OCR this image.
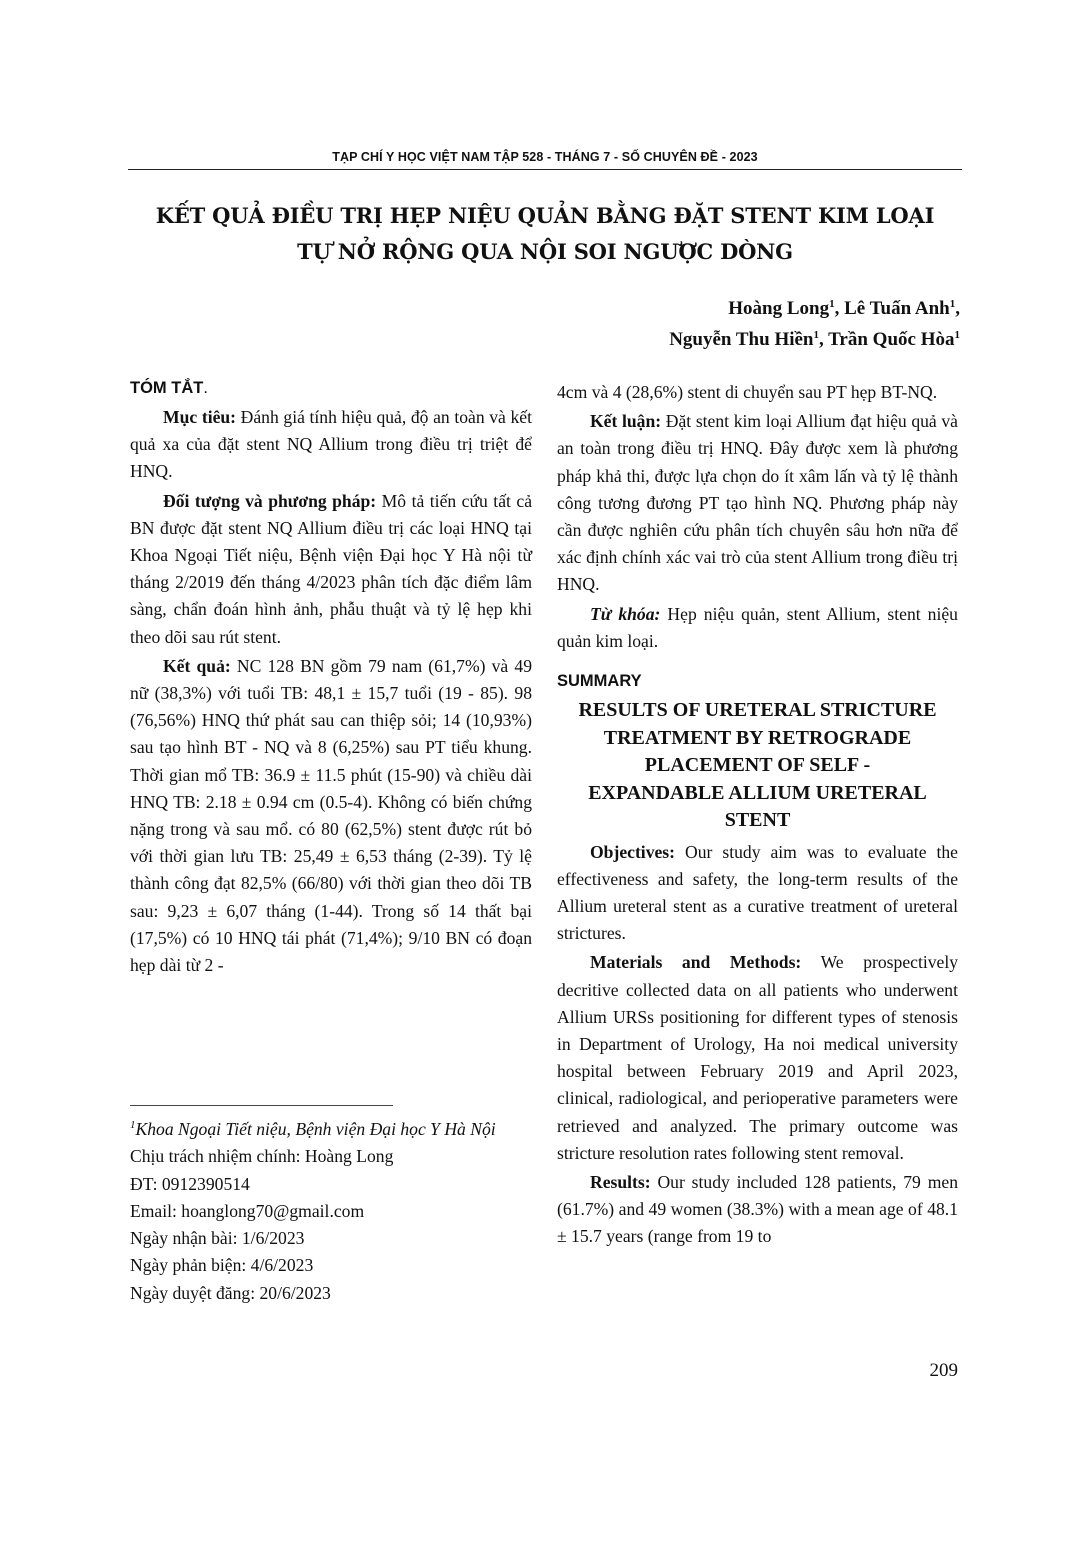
TẠP CHÍ Y HỌC VIỆT NAM TẬP 528 - THÁNG 7 - SỐ CHUYÊN ĐỀ - 2023
KẾT QUẢ ĐIỀU TRỊ HẸP NIỆU QUẢN BẰNG ĐẶT STENT KIM LOẠI
TỰ NỞ RỘNG QUA NỘI SOI NGƯỢC DÒNG
Hoàng Long$^1$, Lê Tuấn Anh$^1$,
Nguyễn Thu Hiền$^1$, Trần Quốc Hòa$^1$
TÓM TẮT.

Mục tiêu: Đánh giá tính hiệu quả, độ an toàn và kết quả xa của đặt stent NQ Allium trong điều trị triệt để HNQ.

Đối tượng và phương pháp: Mô tả tiến cứu tất cả BN được đặt stent NQ Allium điều trị các loại HNQ tại Khoa Ngoại Tiết niệu, Bệnh viện Đại học Y Hà nội từ tháng 2/2019 đến tháng 4/2023 phân tích đặc điểm lâm sàng, chẩn đoán hình ảnh, phẫu thuật và tỷ lệ hẹp khi theo dõi sau rút stent.

Kết quả: NC 128 BN gồm 79 nam (61,7%) và 49 nữ (38,3%) với tuổi TB: 48,1 ± 15,7 tuổi (19 - 85). 98 (76,56%) HNQ thứ phát sau can thiệp sỏi; 14 (10,93%) sau tạo hình BT - NQ và 8 (6,25%) sau PT tiểu khung. Thời gian mổ TB: 36.9 ± 11.5 phút (15-90) và chiều dài HNQ TB: 2.18 ± 0.94 cm (0.5-4). Không có biến chứng nặng trong và sau mổ. có 80 (62,5%) stent được rút bỏ với thời gian lưu TB: 25,49 ± 6,53 tháng (2-39). Tỷ lệ thành công đạt 82,5% (66/80) với thời gian theo dõi TB sau: 9,23 ± 6,07 tháng (1-44). Trong số 14 thất bại (17,5%) có 10 HNQ tái phát (71,4%); 9/10 BN có đoạn hẹp dài từ 2 -

$^1$Khoa Ngoại Tiết niệu, Bệnh viện Đại học Y Hà Nội

Chịu trách nhiệm chính: Hoàng Long

ĐT: 0912390514

Email: hoanglong70@gmail.com

Ngày nhận bài: 1/6/2023

Ngày phản biện: 4/6/2023

Ngày duyệt đăng: 20/6/2023

4cm và 4 (28,6%) stent di chuyển sau PT hẹp BT-NQ.

Kết luận: Đặt stent kim loại Allium đạt hiệu quả và an toàn trong điều trị HNQ. Đây được xem là phương pháp khả thi, được lựa chọn do ít xâm lấn và tỷ lệ thành công tương đương PT tạo hình NQ. Phương pháp này cần được nghiên cứu phân tích chuyên sâu hơn nữa để xác định chính xác vai trò của stent Allium trong điều trị HNQ.

Từ khóa: Hẹp niệu quản, stent Allium, stent niệu quản kim loại.

SUMMARY
RESULTS OF URETERAL STRICTURE
TREATMENT BY RETROGRADE
PLACEMENT OF SELF -
EXPANDABLE ALLIUM URETERAL
STENT

Objectives: Our study aim was to evaluate the effectiveness and safety, the long-term results of the Allium ureteral stent as a curative treatment of ureteral strictures.

Materials and Methods: We prospectively decritive collected data on all patients who underwent Allium URSs positioning for different types of stenosis in Department of Urology, Ha noi medical university hospital between February 2019 and April 2023, clinical, radiological, and perioperative parameters were retrieved and analyzed. The primary outcome was stricture resolution rates following stent removal.

Results: Our study included 128 patients, 79 men (61.7%) and 49 women (38.3%) with a mean age of 48.1 ± 15.7 years (range from 19 to

209
